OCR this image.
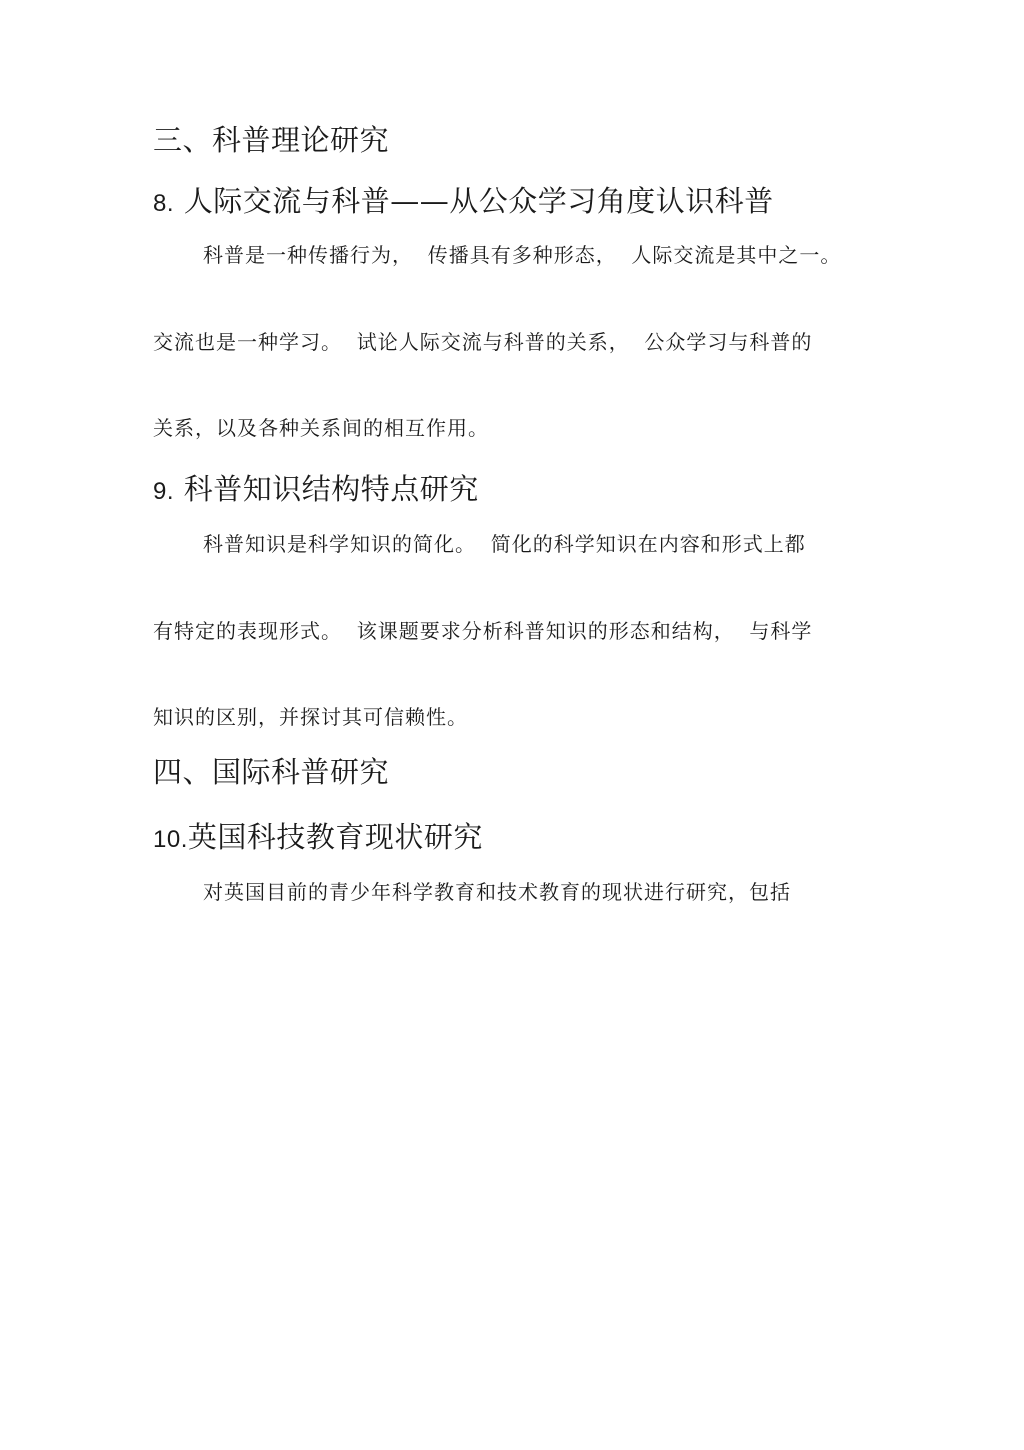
三、科普理论研究
8. 人际交流与科普——从公众学习角度认识科普

科普是一种传播行为，  传播具有多种形态，  人际交流是其中之一。

交流也是一种学习。  试论人际交流与科普的关系，  公众学习与科普的

关系，以及各种关系间的相互作用。

9. 科普知识结构特点研究

科普知识是科学知识的简化。  简化的科学知识在内容和形式上都

有特定的表现形式。  该课题要求分析科普知识的形态和结构，  与科学

知识的区别，并探讨其可信赖性。

四、国际科普研究
10.英国科技教育现状研究

对英国目前的青少年科学教育和技术教育的现状进行研究，包括
